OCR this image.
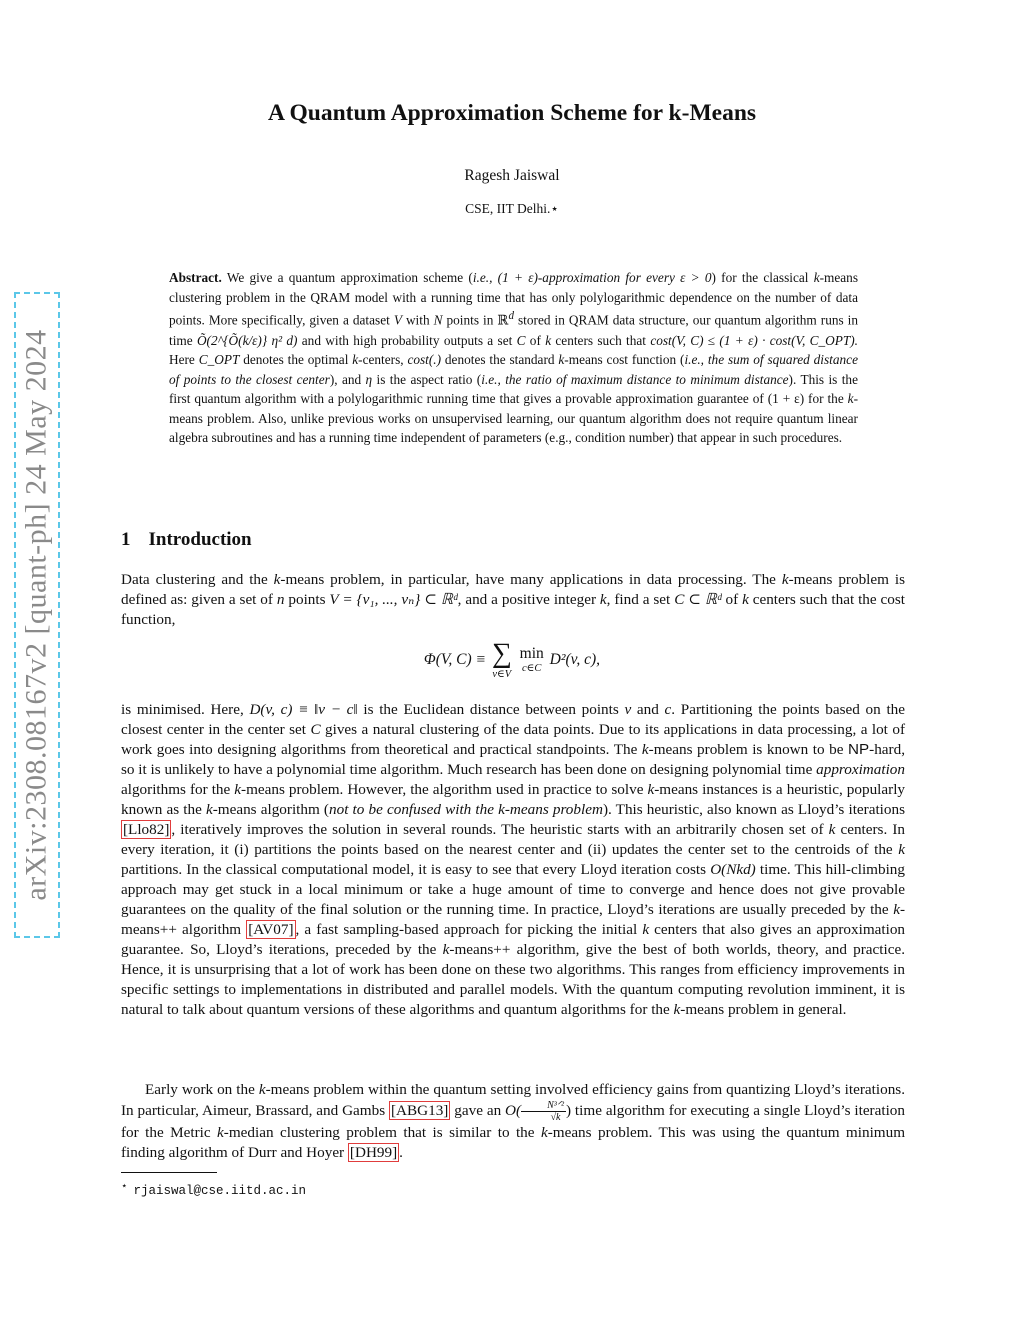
arXiv:2308.08167v2 [quant-ph] 24 May 2024
A Quantum Approximation Scheme for k-Means
Ragesh Jaiswal
CSE, IIT Delhi.⋆
Abstract. We give a quantum approximation scheme (i.e., (1 + ε)-approximation for every ε > 0) for the classical k-means clustering problem in the QRAM model with a running time that has only polylogarithmic dependence on the number of data points. More specifically, given a dataset V with N points in ℝ$^d$ stored in QRAM data structure, our quantum algorithm runs in time Õ(2^{Õ(k/ε)} η² d) and with high probability outputs a set C of k centers such that cost(V, C) ≤ (1 + ε) · cost(V, C_OPT). Here C_OPT denotes the optimal k-centers, cost(.) denotes the standard k-means cost function (i.e., the sum of squared distance of points to the closest center), and η is the aspect ratio (i.e., the ratio of maximum distance to minimum distance). This is the first quantum algorithm with a polylogarithmic running time that gives a provable approximation guarantee of (1 + ε) for the k-means problem. Also, unlike previous works on unsupervised learning, our quantum algorithm does not require quantum linear algebra subroutines and has a running time independent of parameters (e.g., condition number) that appear in such procedures.
1 Introduction
Data clustering and the k-means problem, in particular, have many applications in data processing. The k-means problem is defined as: given a set of n points V = {v₁, ..., vₙ} ⊂ ℝᵈ, and a positive integer k, find a set C ⊂ ℝᵈ of k centers such that the cost function,
Φ(V, C) ≡ ∑
v∈V
min
c∈C
D²(v, c),
is minimised. Here, D(v, c) ≡ ‖v − c‖ is the Euclidean distance between points v and c. Partitioning the points based on the closest center in the center set C gives a natural clustering of the data points. Due to its applications in data processing, a lot of work goes into designing algorithms from theoretical and practical standpoints. The k-means problem is known to be NP-hard, so it is unlikely to have a polynomial time algorithm. Much research has been done on designing polynomial time approximation algorithms for the k-means problem. However, the algorithm used in practice to solve k-means instances is a heuristic, popularly known as the k-means algorithm (not to be confused with the k-means problem). This heuristic, also known as Lloyd’s iterations [Llo82] , iteratively improves the solution in several rounds. The heuristic starts with an arbitrarily chosen set of k centers. In every iteration, it (i) partitions the points based on the nearest center and (ii) updates the center set to the centroids of the k partitions. In the classical computational model, it is easy to see that every Lloyd iteration costs O(Nkd) time. This hill-climbing approach may get stuck in a local minimum or take a huge amount of time to converge and hence does not give provable guarantees on the quality of the final solution or the running time. In practice, Lloyd’s iterations are usually preceded by the k-means++ algorithm [AV07] , a fast sampling-based approach for picking the initial k centers that also gives an approximation guarantee. So, Lloyd’s iterations, preceded by the k-means++ algorithm, give the best of both worlds, theory, and practice. Hence, it is unsurprising that a lot of work has been done on these two algorithms. This ranges from efficiency improvements in specific settings to implementations in distributed and parallel models. With the quantum computing revolution imminent, it is natural to talk about quantum versions of these algorithms and quantum algorithms for the k-means problem in general.
Early work on the k-means problem within the quantum setting involved efficiency gains from quantizing Lloyd’s iterations. In particular, Aimeur, Brassard, and Gambs [ABG13] gave an $O( \frac{\text{N³ᐟ²}}{√k}$ ) time algorithm for executing a single Lloyd’s iteration for the Metric k-median clustering problem that is similar to the k-means problem. This was using the quantum minimum finding algorithm of Durr and Hoyer [DH99] .
⋆ rjaiswal@cse.iitd.ac.in
